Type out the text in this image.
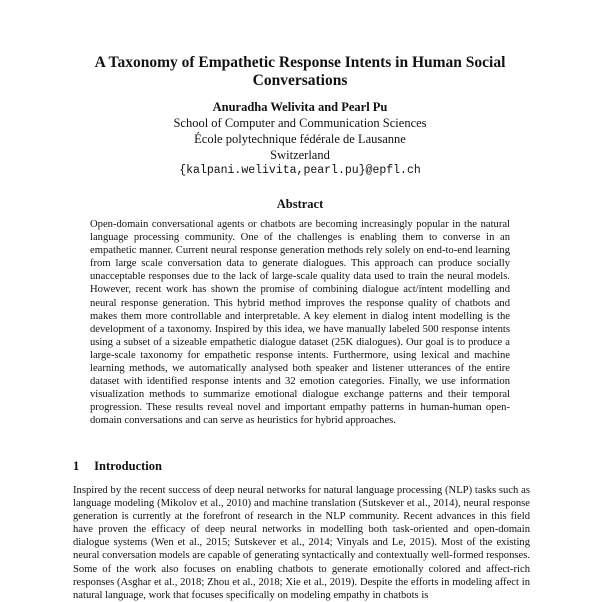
A Taxonomy of Empathetic Response Intents in Human Social Conversations
Anuradha Welivita and Pearl Pu
School of Computer and Communication Sciences
École polytechnique fédérale de Lausanne
Switzerland
{kalpani.welivita,pearl.pu}@epfl.ch
Abstract
Open-domain conversational agents or chatbots are becoming increasingly popular in the natural language processing community. One of the challenges is enabling them to converse in an empathetic manner. Current neural response generation methods rely solely on end-to-end learning from large scale conversation data to generate dialogues. This approach can produce socially unacceptable responses due to the lack of large-scale quality data used to train the neural models. However, recent work has shown the promise of combining dialogue act/intent modelling and neural response generation. This hybrid method improves the response quality of chatbots and makes them more controllable and interpretable. A key element in dialog intent modelling is the development of a taxonomy. Inspired by this idea, we have manually labeled 500 response intents using a subset of a sizeable empathetic dialogue dataset (25K dialogues). Our goal is to produce a large-scale taxonomy for empathetic response intents. Furthermore, using lexical and machine learning methods, we automatically analysed both speaker and listener utterances of the entire dataset with identified response intents and 32 emotion categories. Finally, we use information visualization methods to summarize emotional dialogue exchange patterns and their temporal progression. These results reveal novel and important empathy patterns in human-human open-domain conversations and can serve as heuristics for hybrid approaches.
1 Introduction
Inspired by the recent success of deep neural networks for natural language processing (NLP) tasks such as language modeling (Mikolov et al., 2010) and machine translation (Sutskever et al., 2014), neural response generation is currently at the forefront of research in the NLP community. Recent advances in this field have proven the efficacy of deep neural networks in modelling both task-oriented and open-domain dialogue systems (Wen et al., 2015; Sutskever et al., 2014; Vinyals and Le, 2015). Most of the existing neural conversation models are capable of generating syntactically and contextually well-formed responses. Some of the work also focuses on enabling chatbots to generate emotionally colored and affect-rich responses (Asghar et al., 2018; Zhou et al., 2018; Xie et al., 2019). Despite the efforts in modeling affect in natural language, work that focuses specifically on modeling empathy in chatbots is
